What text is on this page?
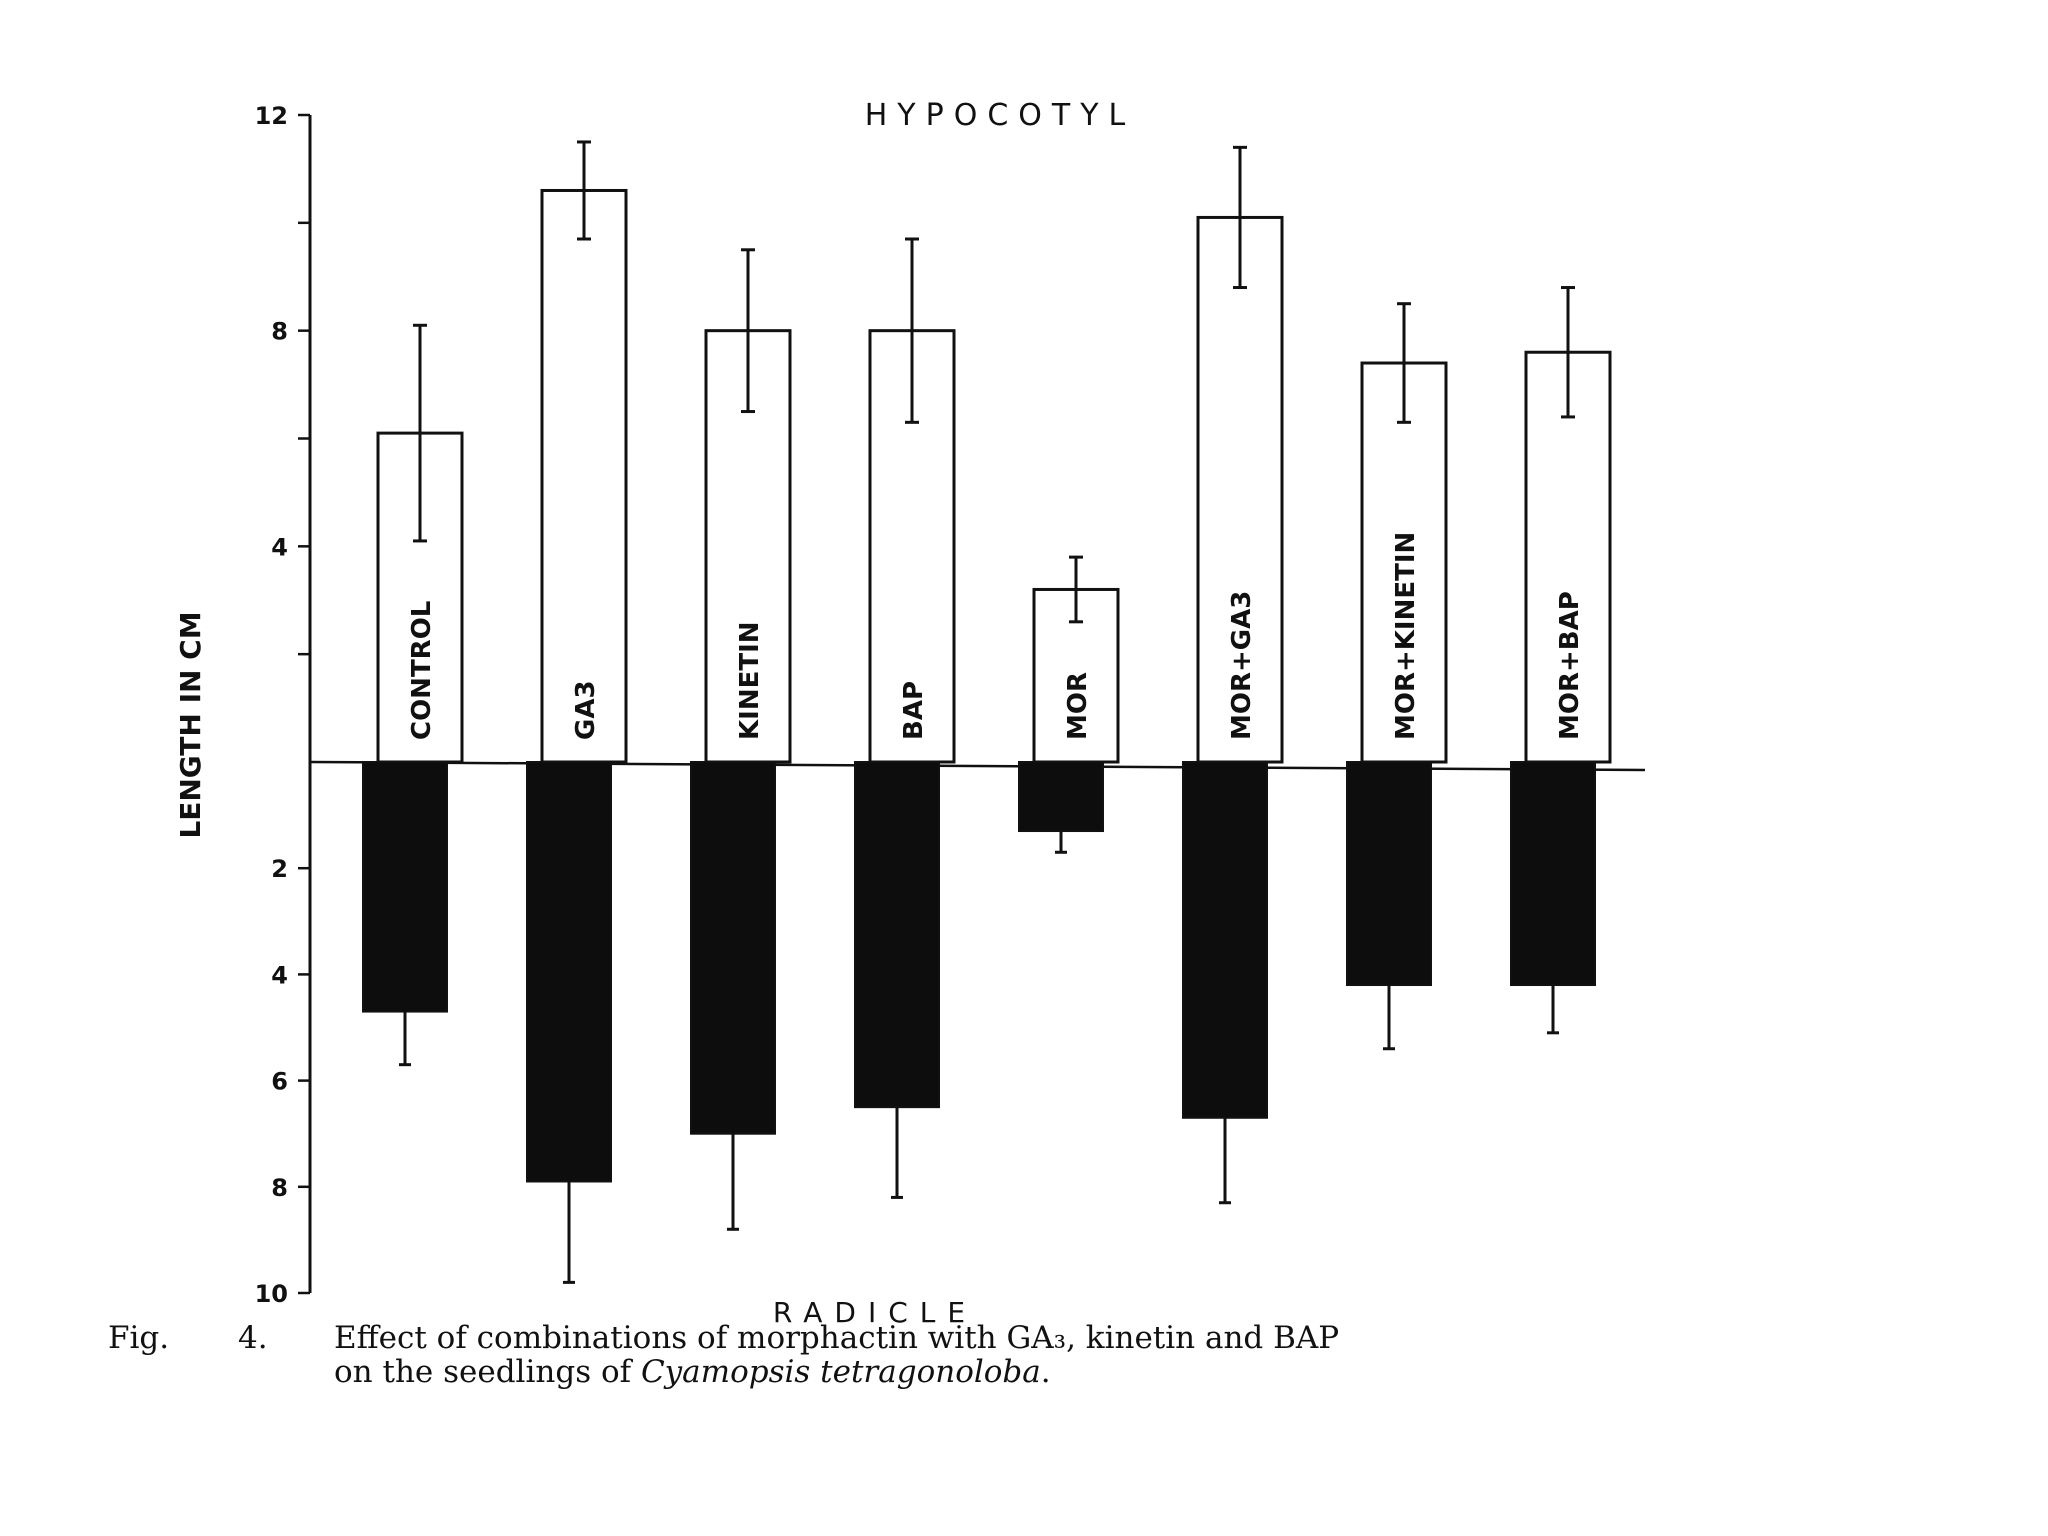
4
8
12
2
4
6
8
10
CONTROL	GA3	KINETIN	BAP	MOR	MOR+GA3	MOR+KINETIN	MOR+BAP
HYPOCOTYL
RADICLE
LENGTH IN CM
Fig. 4. Effect of combinations of morphactin with GA₃, kinetin and BAP
on the seedlings of Cyamopsis tetragonoloba.
